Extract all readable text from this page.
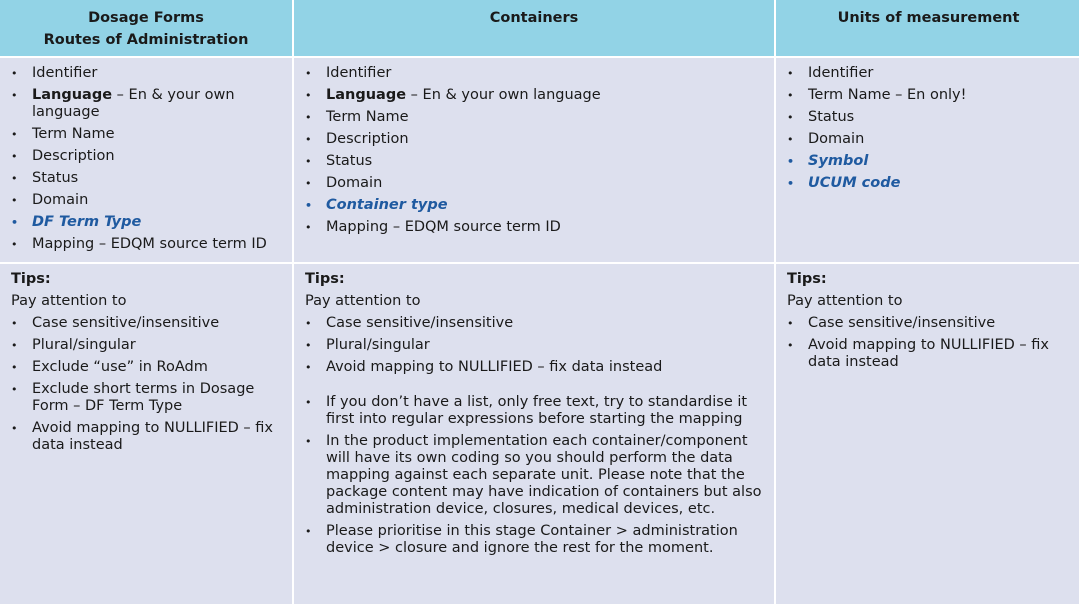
Dosage Forms
Routes of Administration
Containers	Units of measurement
• Identifier
• Language – En & your own language
• Term Name
• Description
• Status
• Domain
• DF Term Type
• Mapping – EDQM source term ID
• Identifier
• Language – En & your own language
• Term Name
• Description
• Status
• Domain
• Container type
• Mapping – EDQM source term ID
• Identifier
• Term Name – En only!
• Status
• Domain
• Symbol
• UCUM code
Tips:
Pay attention to
• Case sensitive/insensitive
• Plural/singular
• Exclude “use” in RoAdm
• Exclude short terms in Dosage Form – DF Term Type
• Avoid mapping to NULLIFIED – fix data instead
Tips:
Pay attention to
• Case sensitive/insensitive
• Plural/singular
• Avoid mapping to NULLIFIED – fix data instead
• If you don’t have a list, only free text, try to standardise it first into regular expressions before starting the mapping
• In the product implementation each container/component will have its own coding so you should perform the data mapping against each separate unit. Please note that the package content may have indication of containers but also administration device, closures, medical devices, etc.
• Please prioritise in this stage Container > administration device > closure and ignore the rest for the moment.
Tips:
Pay attention to
• Case sensitive/insensitive
• Avoid mapping to NULLIFIED – fix data instead
